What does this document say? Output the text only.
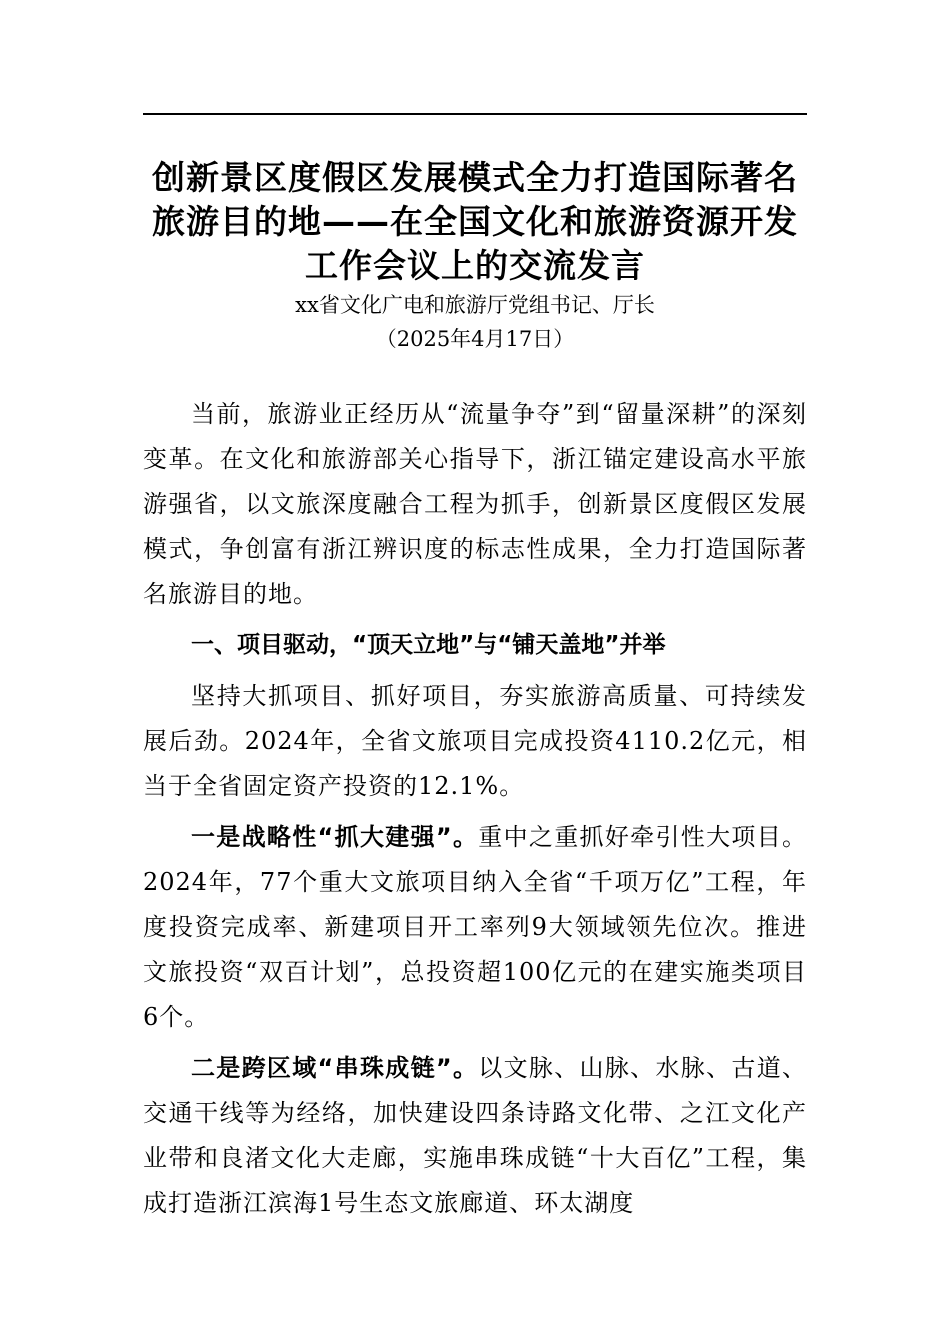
创新景区度假区发展模式全力打造国际著名旅游目的地——在全国文化和旅游资源开发工作会议上的交流发言
xx省文化广电和旅游厅党组书记、厅长
（2025年4月17日）

当前，旅游业正经历从“流量争夺”到“留量深耕”的深刻变革。在文化和旅游部关心指导下，浙江锚定建设高水平旅游强省，以文旅深度融合工程为抓手，创新景区度假区发展模式，争创富有浙江辨识度的标志性成果，全力打造国际著名旅游目的地。

一、项目驱动，“顶天立地”与“铺天盖地”并举

坚持大抓项目、抓好项目，夯实旅游高质量、可持续发展后劲。2024年，全省文旅项目完成投资4110.2亿元，相当于全省固定资产投资的12.1%。

一是战略性“抓大建强”。重中之重抓好牵引性大项目。2024年，77个重大文旅项目纳入全省“千项万亿”工程，年度投资完成率、新建项目开工率列9大领域领先位次。推进文旅投资“双百计划”，总投资超100亿元的在建实施类项目6个。

二是跨区域“串珠成链”。以文脉、山脉、水脉、古道、交通干线等为经络，加快建设四条诗路文化带、之江文化产业带和良渚文化大走廊，实施串珠成链“十大百亿”工程，集成打造浙江滨海1号生态文旅廊道、环太湖度
